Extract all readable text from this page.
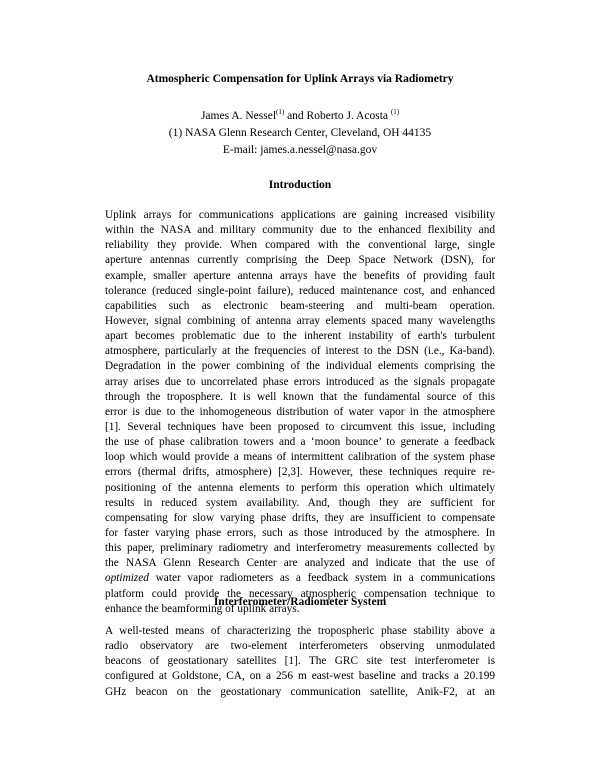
Atmospheric Compensation for Uplink Arrays via Radiometry
James A. Nessel$^{(1)}$ and Roberto J. Acosta $^{(1)}$
(1) NASA Glenn Research Center, Cleveland, OH 44135
E-mail: james.a.nessel@nasa.gov
Introduction
Uplink arrays for communications applications are gaining increased visibility
within the NASA and military community due to the enhanced flexibility and
reliability they provide. When compared with the conventional large, single
aperture antennas currently comprising the Deep Space Network (DSN), for
example, smaller aperture antenna arrays have the benefits of providing fault
tolerance (reduced single-point failure), reduced maintenance cost, and enhanced
capabilities such as electronic beam-steering and multi-beam operation.
However, signal combining of antenna array elements spaced many wavelengths
apart becomes problematic due to the inherent instability of earth's turbulent
atmosphere, particularly at the frequencies of interest to the DSN (i.e., Ka-band).
Degradation in the power combining of the individual elements comprising the
array arises due to uncorrelated phase errors introduced as the signals propagate
through the troposphere. It is well known that the fundamental source of this
error is due to the inhomogeneous distribution of water vapor in the atmosphere
[1]. Several techniques have been proposed to circumvent this issue, including
the use of phase calibration towers and a ‘moon bounce’ to generate a feedback
loop which would provide a means of intermittent calibration of the system phase
errors (thermal drifts, atmosphere) [2,3]. However, these techniques require re-
positioning of the antenna elements to perform this operation which ultimately
results in reduced system availability. And, though they are sufficient for
compensating for slow varying phase drifts, they are insufficient to compensate
for faster varying phase errors, such as those introduced by the atmosphere. In
this paper, preliminary radiometry and interferometry measurements collected by
the NASA Glenn Research Center are analyzed and indicate that the use of
optimized water vapor radiometers as a feedback system in a communications
platform could provide the necessary atmospheric compensation technique to
enhance the beamforming of uplink arrays.
Interferometer/Radiometer System
A well-tested means of characterizing the tropospheric phase stability above a
radio observatory are two-element interferometers observing unmodulated
beacons of geostationary satellites [1]. The GRC site test interferometer is
configured at Goldstone, CA, on a 256 m east-west baseline and tracks a 20.199
GHz beacon on the geostationary communication satellite, Anik-F2, at an
